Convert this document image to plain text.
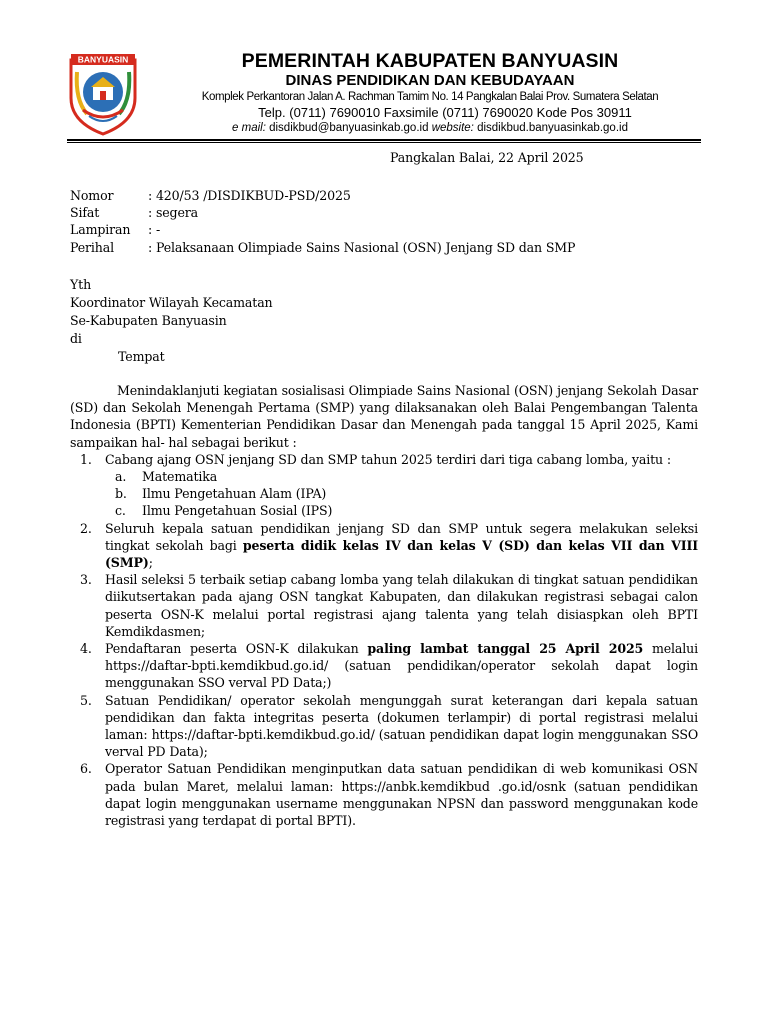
BANYUASIN	PEMERINTAH KABUPATEN BANYUASIN
DINAS PENDIDIKAN DAN KEBUDAYAAN
Komplek Perkantoran Jalan A. Rachman Tamim No. 14 Pangkalan Balai Prov. Sumatera Selatan
Telp. (0711) 7690010 Faxsimile (0711) 7690020 Kode Pos 30911
e mail: disdikbud@banyuasinkab.go.id website: disdikbud.banyuasinkab.go.id
Pangkalan Balai, 22 April 2025
Nomor	: 420/53 /DISDIKBUD-PSD/2025
Sifat	: segera
Lampiran : -
Perihal	: Pelaksanaan Olimpiade Sains Nasional (OSN) Jenjang SD dan SMP
Yth
Koordinator Wilayah Kecamatan
Se-Kabupaten Banyuasin
di
Tempat

Menindaklanjuti kegiatan sosialisasi Olimpiade Sains Nasional (OSN) jenjang Sekolah Dasar (SD) dan Sekolah Menengah Pertama (SMP) yang dilaksanakan oleh Balai Pengembangan Talenta Indonesia (BPTI) Kementerian Pendidikan Dasar dan Menengah pada tanggal 15 April 2025, Kami sampaikan hal- hal sebagai berikut :

1. Cabang ajang OSN jenjang SD dan SMP tahun 2025 terdiri dari tiga cabang lomba, yaitu :
a. Matematika
b. Ilmu Pengetahuan Alam (IPA)
c. Ilmu Pengetahuan Sosial (IPS)
2. Seluruh kepala satuan pendidikan jenjang SD dan SMP untuk segera melakukan seleksi tingkat sekolah bagi peserta didik kelas IV dan kelas V (SD) dan kelas VII dan VIII (SMP);
3. Hasil seleksi 5 terbaik setiap cabang lomba yang telah dilakukan di tingkat satuan pendidikan diikutsertakan pada ajang OSN tangkat Kabupaten, dan dilakukan registrasi sebagai calon peserta OSN-K melalui portal registrasi ajang talenta yang telah disiaspkan oleh BPTI Kemdikdasmen;
4. Pendaftaran peserta OSN-K dilakukan paling lambat tanggal 25 April 2025 melalui https://daftar-bpti.kemdikbud.go.id/ (satuan pendidikan/operator sekolah dapat login menggunakan SSO verval PD Data;)
5. Satuan Pendidikan/ operator sekolah mengunggah surat keterangan dari kepala satuan pendidikan dan fakta integritas peserta (dokumen terlampir) di portal registrasi melalui laman: https://daftar-bpti.kemdikbud.go.id/ (satuan pendidikan dapat login menggunakan SSO verval PD Data);
6. Operator Satuan Pendidikan menginputkan data satuan pendidikan di web komunikasi OSN pada bulan Maret, melalui laman: https://anbk.kemdikbud .go.id/osnk (satuan pendidikan dapat login menggunakan username menggunakan NPSN dan password menggunakan kode registrasi yang terdapat di portal BPTI).
